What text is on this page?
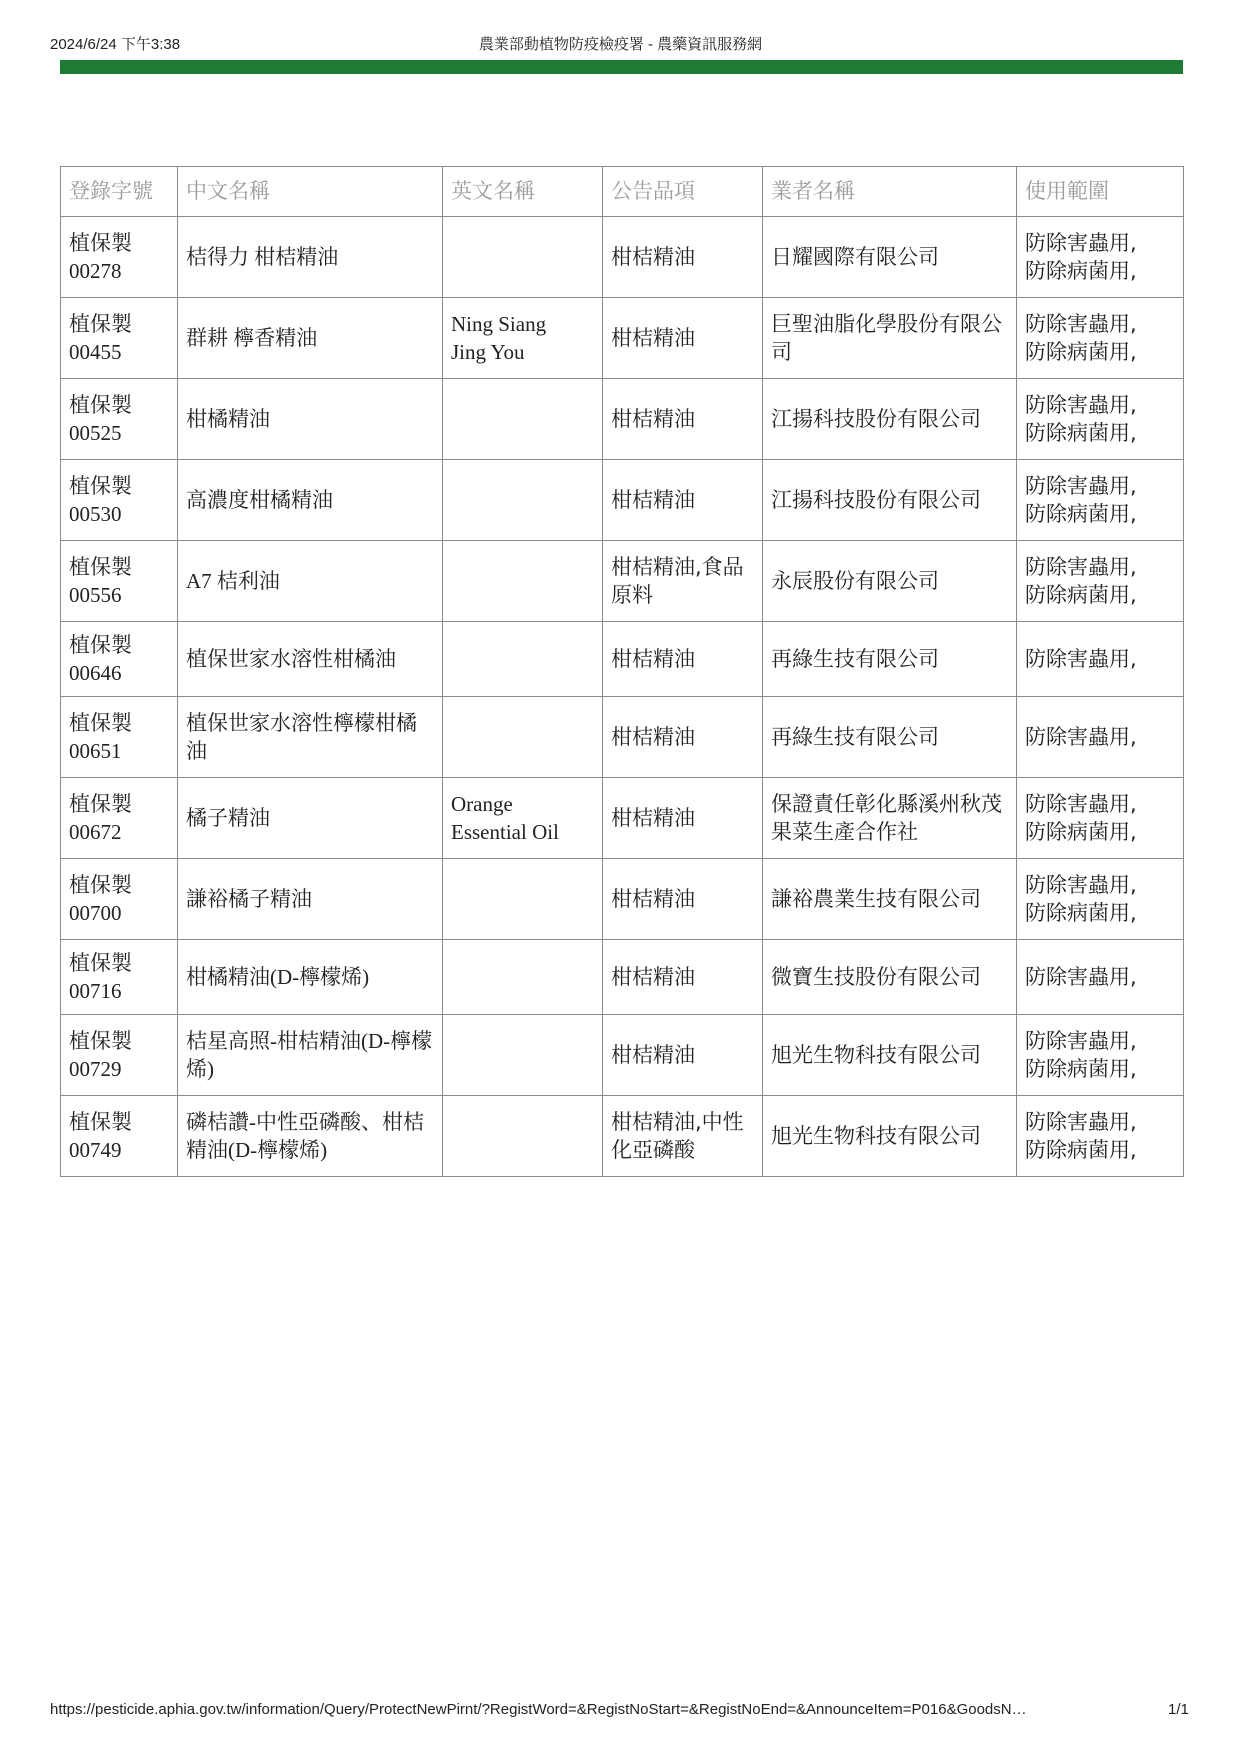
2024/6/24 下午3:38	農業部動植物防疫檢疫署 - 農藥資訊服務網
登錄字號	中文名稱	英文名稱	公告品項	業者名稱	使用範圍
植保製
00278	桔得力 柑桔精油		柑桔精油	日耀國際有限公司	防除害蟲用,
防除病菌用,
植保製
00455	群耕 檸香精油	Ning Siang
Jing You	柑桔精油	巨聖油脂化學股份有限公司	防除害蟲用,
防除病菌用,
植保製
00525	柑橘精油		柑桔精油	江揚科技股份有限公司	防除害蟲用,
防除病菌用,
植保製
00530	高濃度柑橘精油		柑桔精油	江揚科技股份有限公司	防除害蟲用,
防除病菌用,
植保製
00556	A7 桔利油		柑桔精油,食品原料	永辰股份有限公司	防除害蟲用,
防除病菌用,
植保製
00646	植保世家水溶性柑橘油		柑桔精油	再綠生技有限公司	防除害蟲用,
植保製
00651	植保世家水溶性檸檬柑橘油		柑桔精油	再綠生技有限公司	防除害蟲用,
植保製
00672	橘子精油	Orange
Essential Oil	柑桔精油	保證責任彰化縣溪州秋茂果菜生產合作社	防除害蟲用,
防除病菌用,
植保製
00700	謙裕橘子精油		柑桔精油	謙裕農業生技有限公司	防除害蟲用,
防除病菌用,
植保製
00716	柑橘精油(D-檸檬烯)		柑桔精油	微寶生技股份有限公司	防除害蟲用,
植保製
00729	桔星高照-柑桔精油(D-檸檬烯)		柑桔精油	旭光生物科技有限公司	防除害蟲用,
防除病菌用,
植保製
00749	磷桔讚-中性亞磷酸、柑桔精油(D-檸檬烯)		柑桔精油,中性化亞磷酸	旭光生物科技有限公司	防除害蟲用,
防除病菌用,
https://pesticide.aphia.gov.tw/information/Query/ProtectNewPirnt/?RegistWord=&RegistNoStart=&RegistNoEnd=&AnnounceItem=P016&GoodsN…	1/1
